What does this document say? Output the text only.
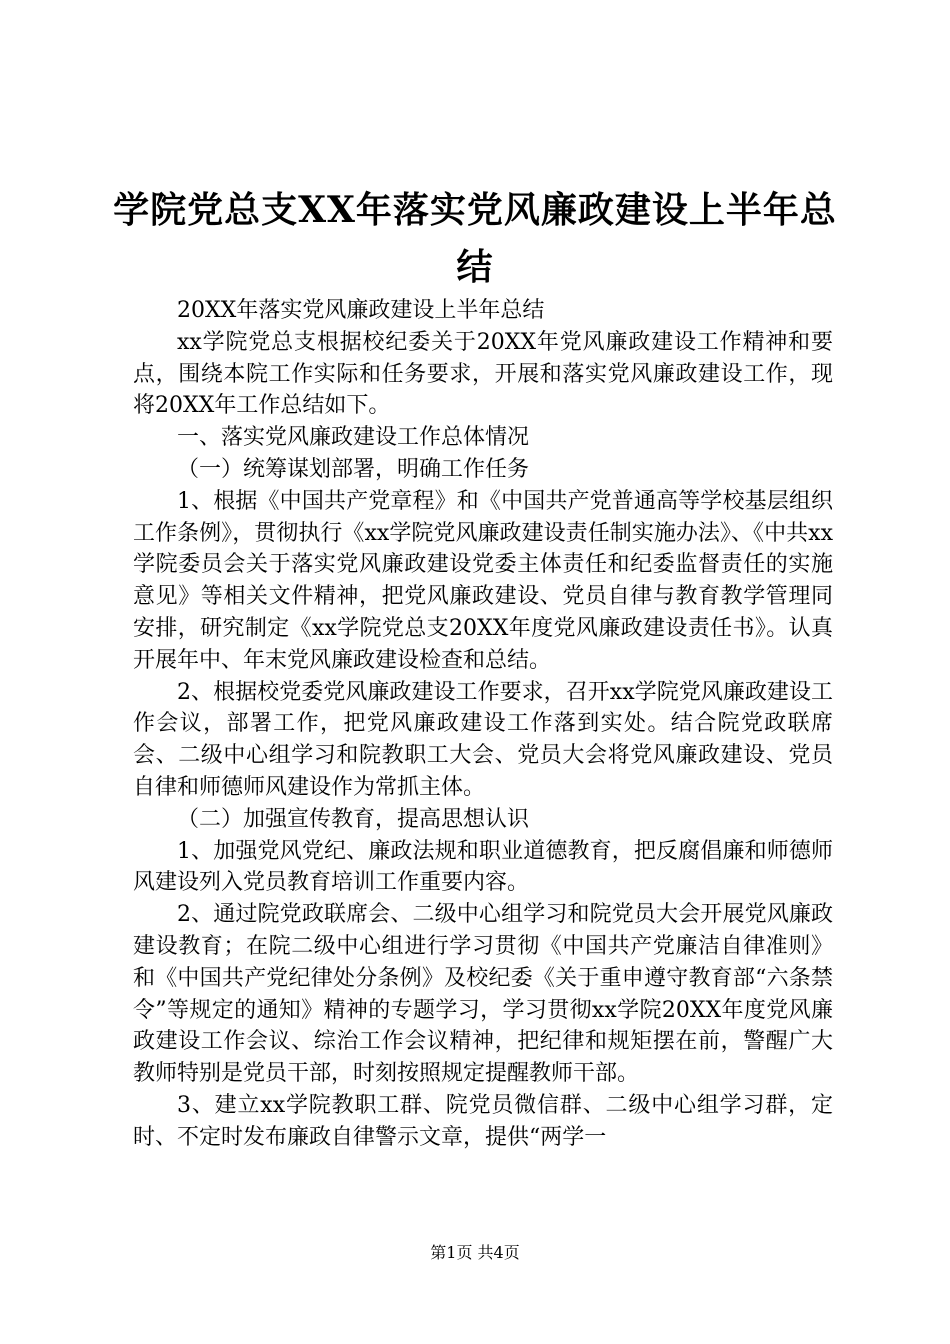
学院党总支XX年落实党风廉政建设上半年总
结

20XX年落实党风廉政建设上半年总结

xx学院党总支根据校纪委关于20XX年党风廉政建设工作精神和要点，围绕本院工作实际和任务要求，开展和落实党风廉政建设工作，现将20XX年工作总结如下。

一、落实党风廉政建设工作总体情况

（一）统筹谋划部署，明确工作任务

1、根据《中国共产党章程》和《中国共产党普通高等学校基层组织工作条例》，贯彻执行《xx学院党风廉政建设责任制实施办法》、《中共xx学院委员会关于落实党风廉政建设党委主体责任和纪委监督责任的实施意见》等相关文件精神，把党风廉政建设、党员自律与教育教学管理同安排，研究制定《xx学院党总支20XX年度党风廉政建设责任书》。认真开展年中、年末党风廉政建设检查和总结。

2、根据校党委党风廉政建设工作要求，召开xx学院党风廉政建设工作会议，部署工作，把党风廉政建设工作落到实处。结合院党政联席会、二级中心组学习和院教职工大会、党员大会将党风廉政建设、党员自律和师德师风建设作为常抓主体。

（二）加强宣传教育，提高思想认识

1、加强党风党纪、廉政法规和职业道德教育，把反腐倡廉和师德师风建设列入党员教育培训工作重要内容。

2、通过院党政联席会、二级中心组学习和院党员大会开展党风廉政建设教育；在院二级中心组进行学习贯彻《中国共产党廉洁自律准则》和《中国共产党纪律处分条例》及校纪委《关于重申遵守教育部“六条禁令”等规定的通知》精神的专题学习，学习贯彻xx学院20XX年度党风廉政建设工作会议、综治工作会议精神，把纪律和规矩摆在前，警醒广大教师特别是党员干部，时刻按照规定提醒教师干部。

3、建立xx学院教职工群、院党员微信群、二级中心组学习群，定时、不定时发布廉政自律警示文章，提供“两学一

第1页 共4页
